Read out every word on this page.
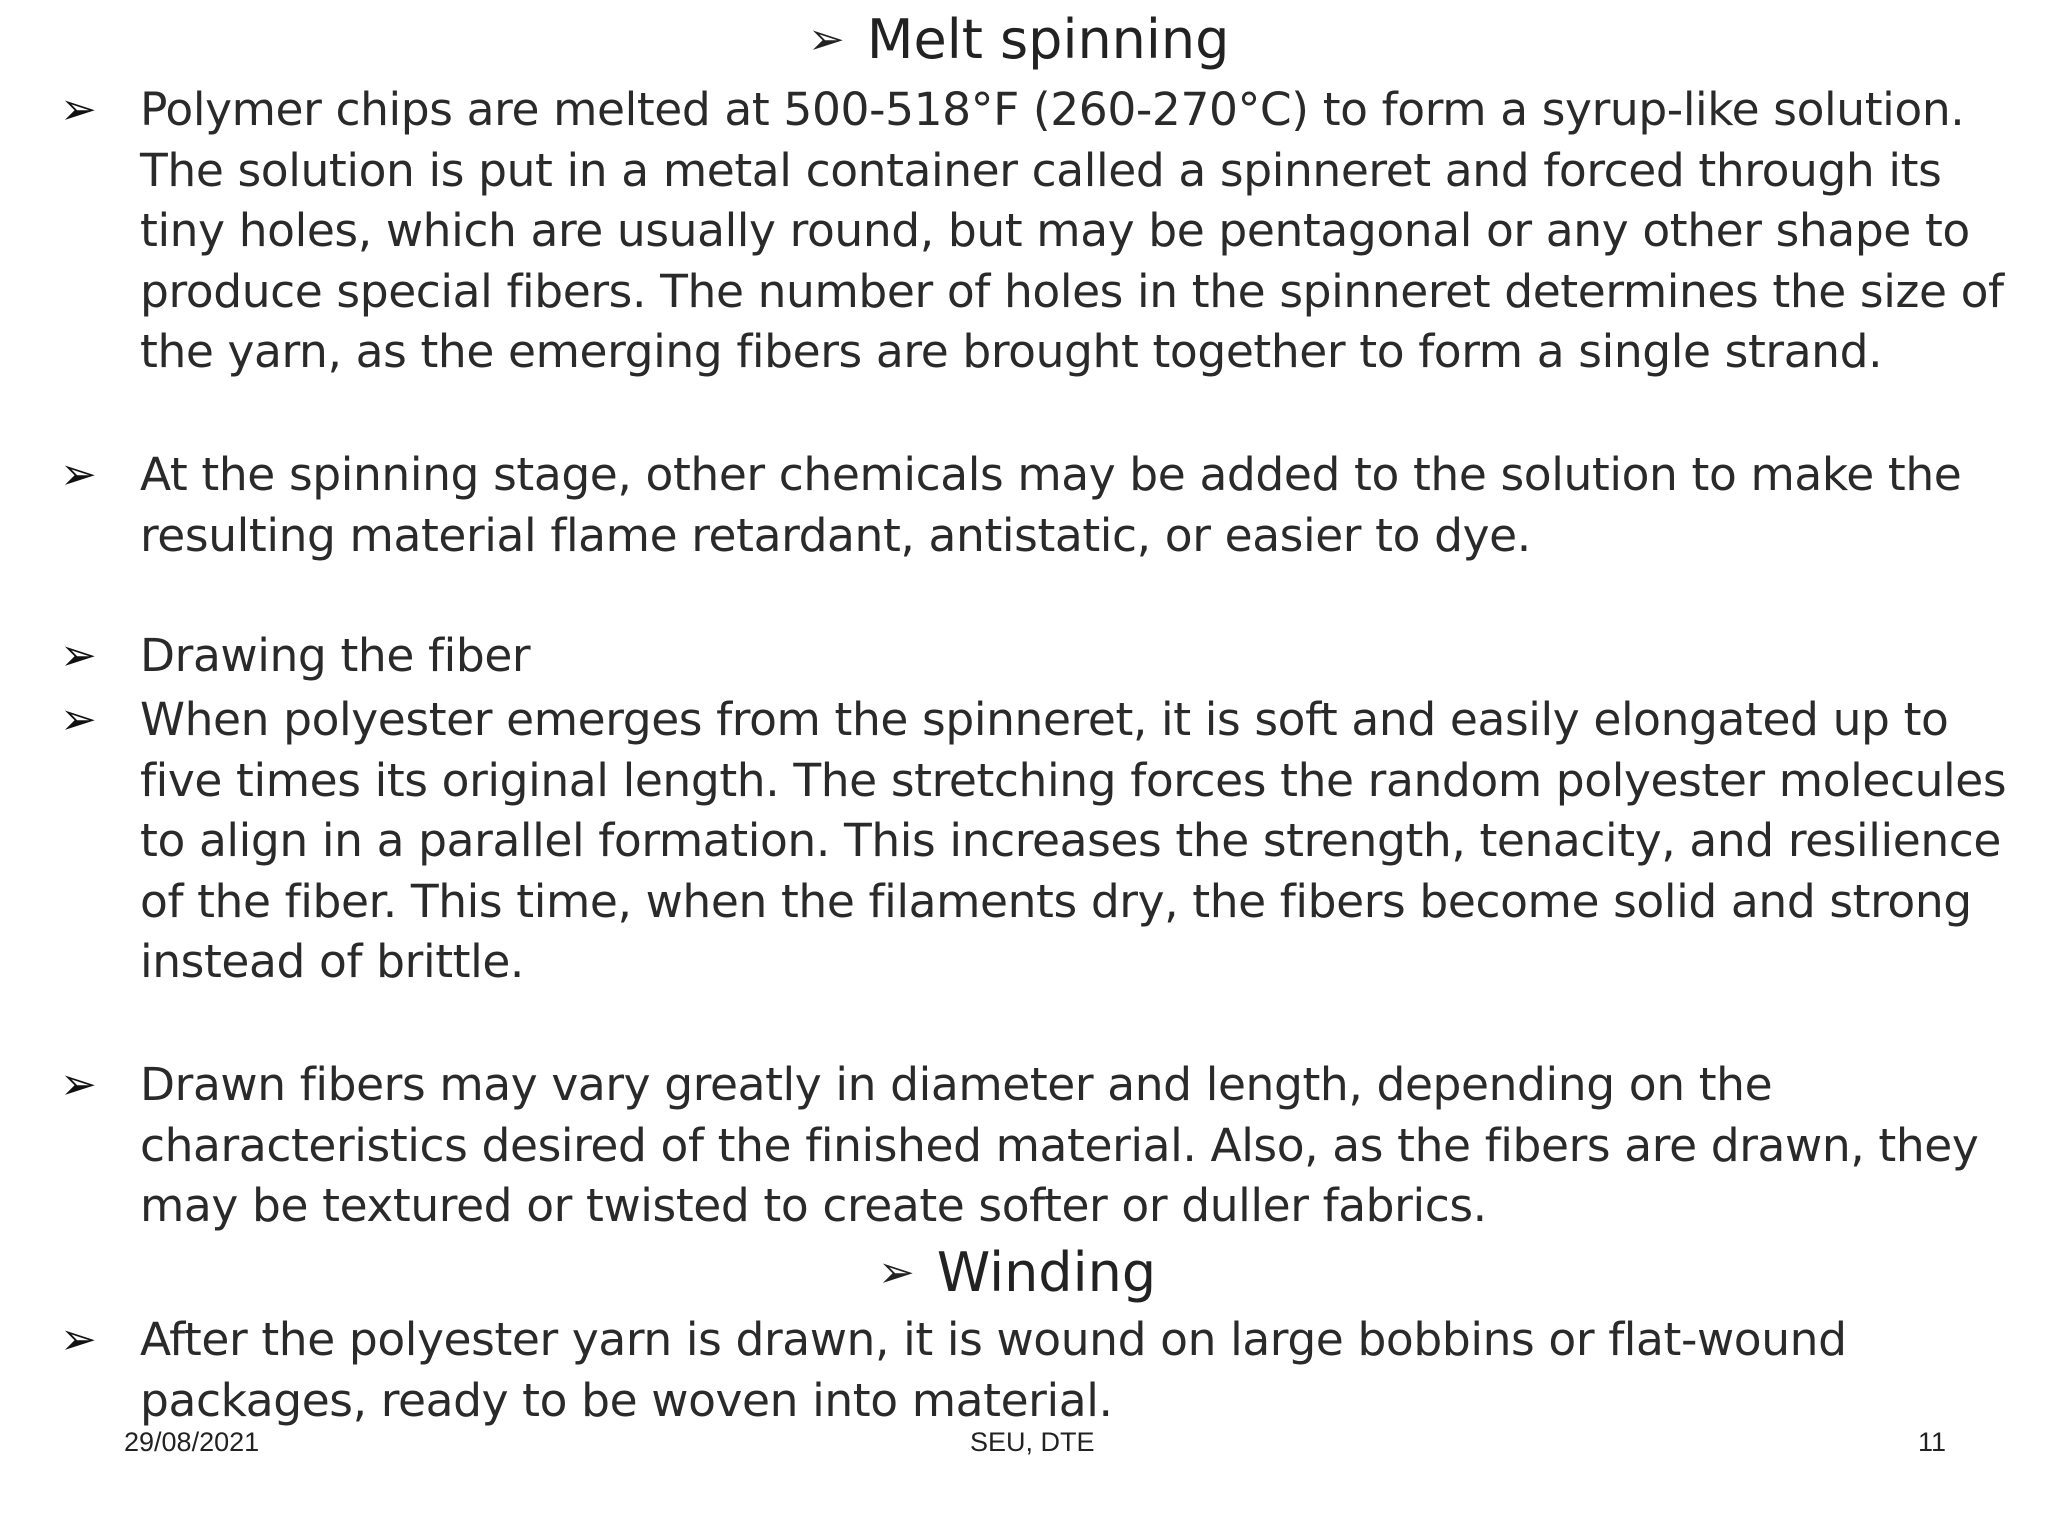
➢ Melt spinning
➢ Polymer chips are melted at 500-518°F (260-270°C) to form a syrup-like solution. The solution is put in a metal container called a spinneret and forced through its tiny holes, which are usually round, but may be pentagonal or any other shape to produce special fibers. The number of holes in the spinneret determines the size of the yarn, as the emerging fibers are brought together to form a single strand.
➢ At the spinning stage, other chemicals may be added to the solution to make the resulting material flame retardant, antistatic, or easier to dye.
➢ Drawing the fiber
➢ When polyester emerges from the spinneret, it is soft and easily elongated up to five times its original length. The stretching forces the random polyester molecules to align in a parallel formation. This increases the strength, tenacity, and resilience of the fiber. This time, when the filaments dry, the fibers become solid and strong instead of brittle.
➢ Drawn fibers may vary greatly in diameter and length, depending on the characteristics desired of the finished material. Also, as the fibers are drawn, they may be textured or twisted to create softer or duller fabrics.
➢ Winding
➢ After the polyester yarn is drawn, it is wound on large bobbins or flat-wound packages, ready to be woven into material.
29/08/2021	SEU, DTE	11
